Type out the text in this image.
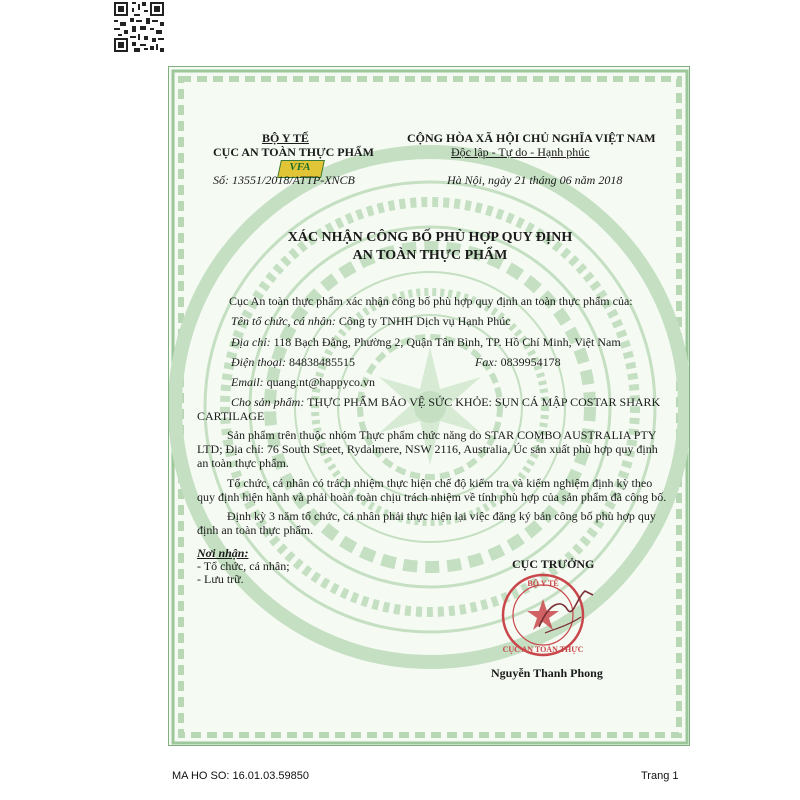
BỘ Y TẾ
CỤC AN TOÀN THỰC PHẨM
VFA
Số: 13551/2018/ATTP-XNCB
CỘNG HÒA XÃ HỘI CHỦ NGHĨA VIỆT NAM
Độc lập - Tự do - Hạnh phúc
Hà Nội, ngày 21 tháng 06 năm 2018
XÁC NHẬN CÔNG BỐ PHÙ HỢP QUY ĐỊNH
AN TOÀN THỰC PHẨM
Cục An toàn thực phẩm xác nhận công bố phù hợp quy định an toàn thực phẩm của:
Tên tổ chức, cá nhân: Công ty TNHH Dịch vụ Hạnh Phúc
Địa chỉ: 118 Bạch Đằng, Phường 2, Quận Tân Bình, TP. Hồ Chí Minh, Việt Nam
Điện thoại: 84838485515	Fax: 0839954178
Email: quang.nt@happyco.vn
Cho sản phẩm: THỰC PHẨM BẢO VỆ SỨC KHỎE: SỤN CÁ MẬP COSTAR SHARK
CARTILAGE
Sản phẩm trên thuộc nhóm Thực phẩm chức năng do STAR COMBO AUSTRALIA PTY
LTD; Địa chỉ: 76 South Street, Rydalmere, NSW 2116, Australia, Úc sản xuất phù hợp quy định
an toàn thực phẩm.
Tổ chức, cá nhân có trách nhiệm thực hiện chế độ kiểm tra và kiểm nghiệm định kỳ theo
quy định hiện hành và phải hoàn toàn chịu trách nhiệm về tính phù hợp của sản phẩm đã công bố.
Định kỳ 3 năm tổ chức, cá nhân phải thực hiện lại việc đăng ký bản công bố phù hợp quy
định an toàn thực phẩm.
Nơi nhận:
- Tổ chức, cá nhân;
- Lưu trữ.
CỤC TRƯỞNG
BỘ Y TẾ
CỤC AN TOÀN THỰC
Nguyễn Thanh Phong
MA HO SO: 16.01.03.59850	Trang 1
